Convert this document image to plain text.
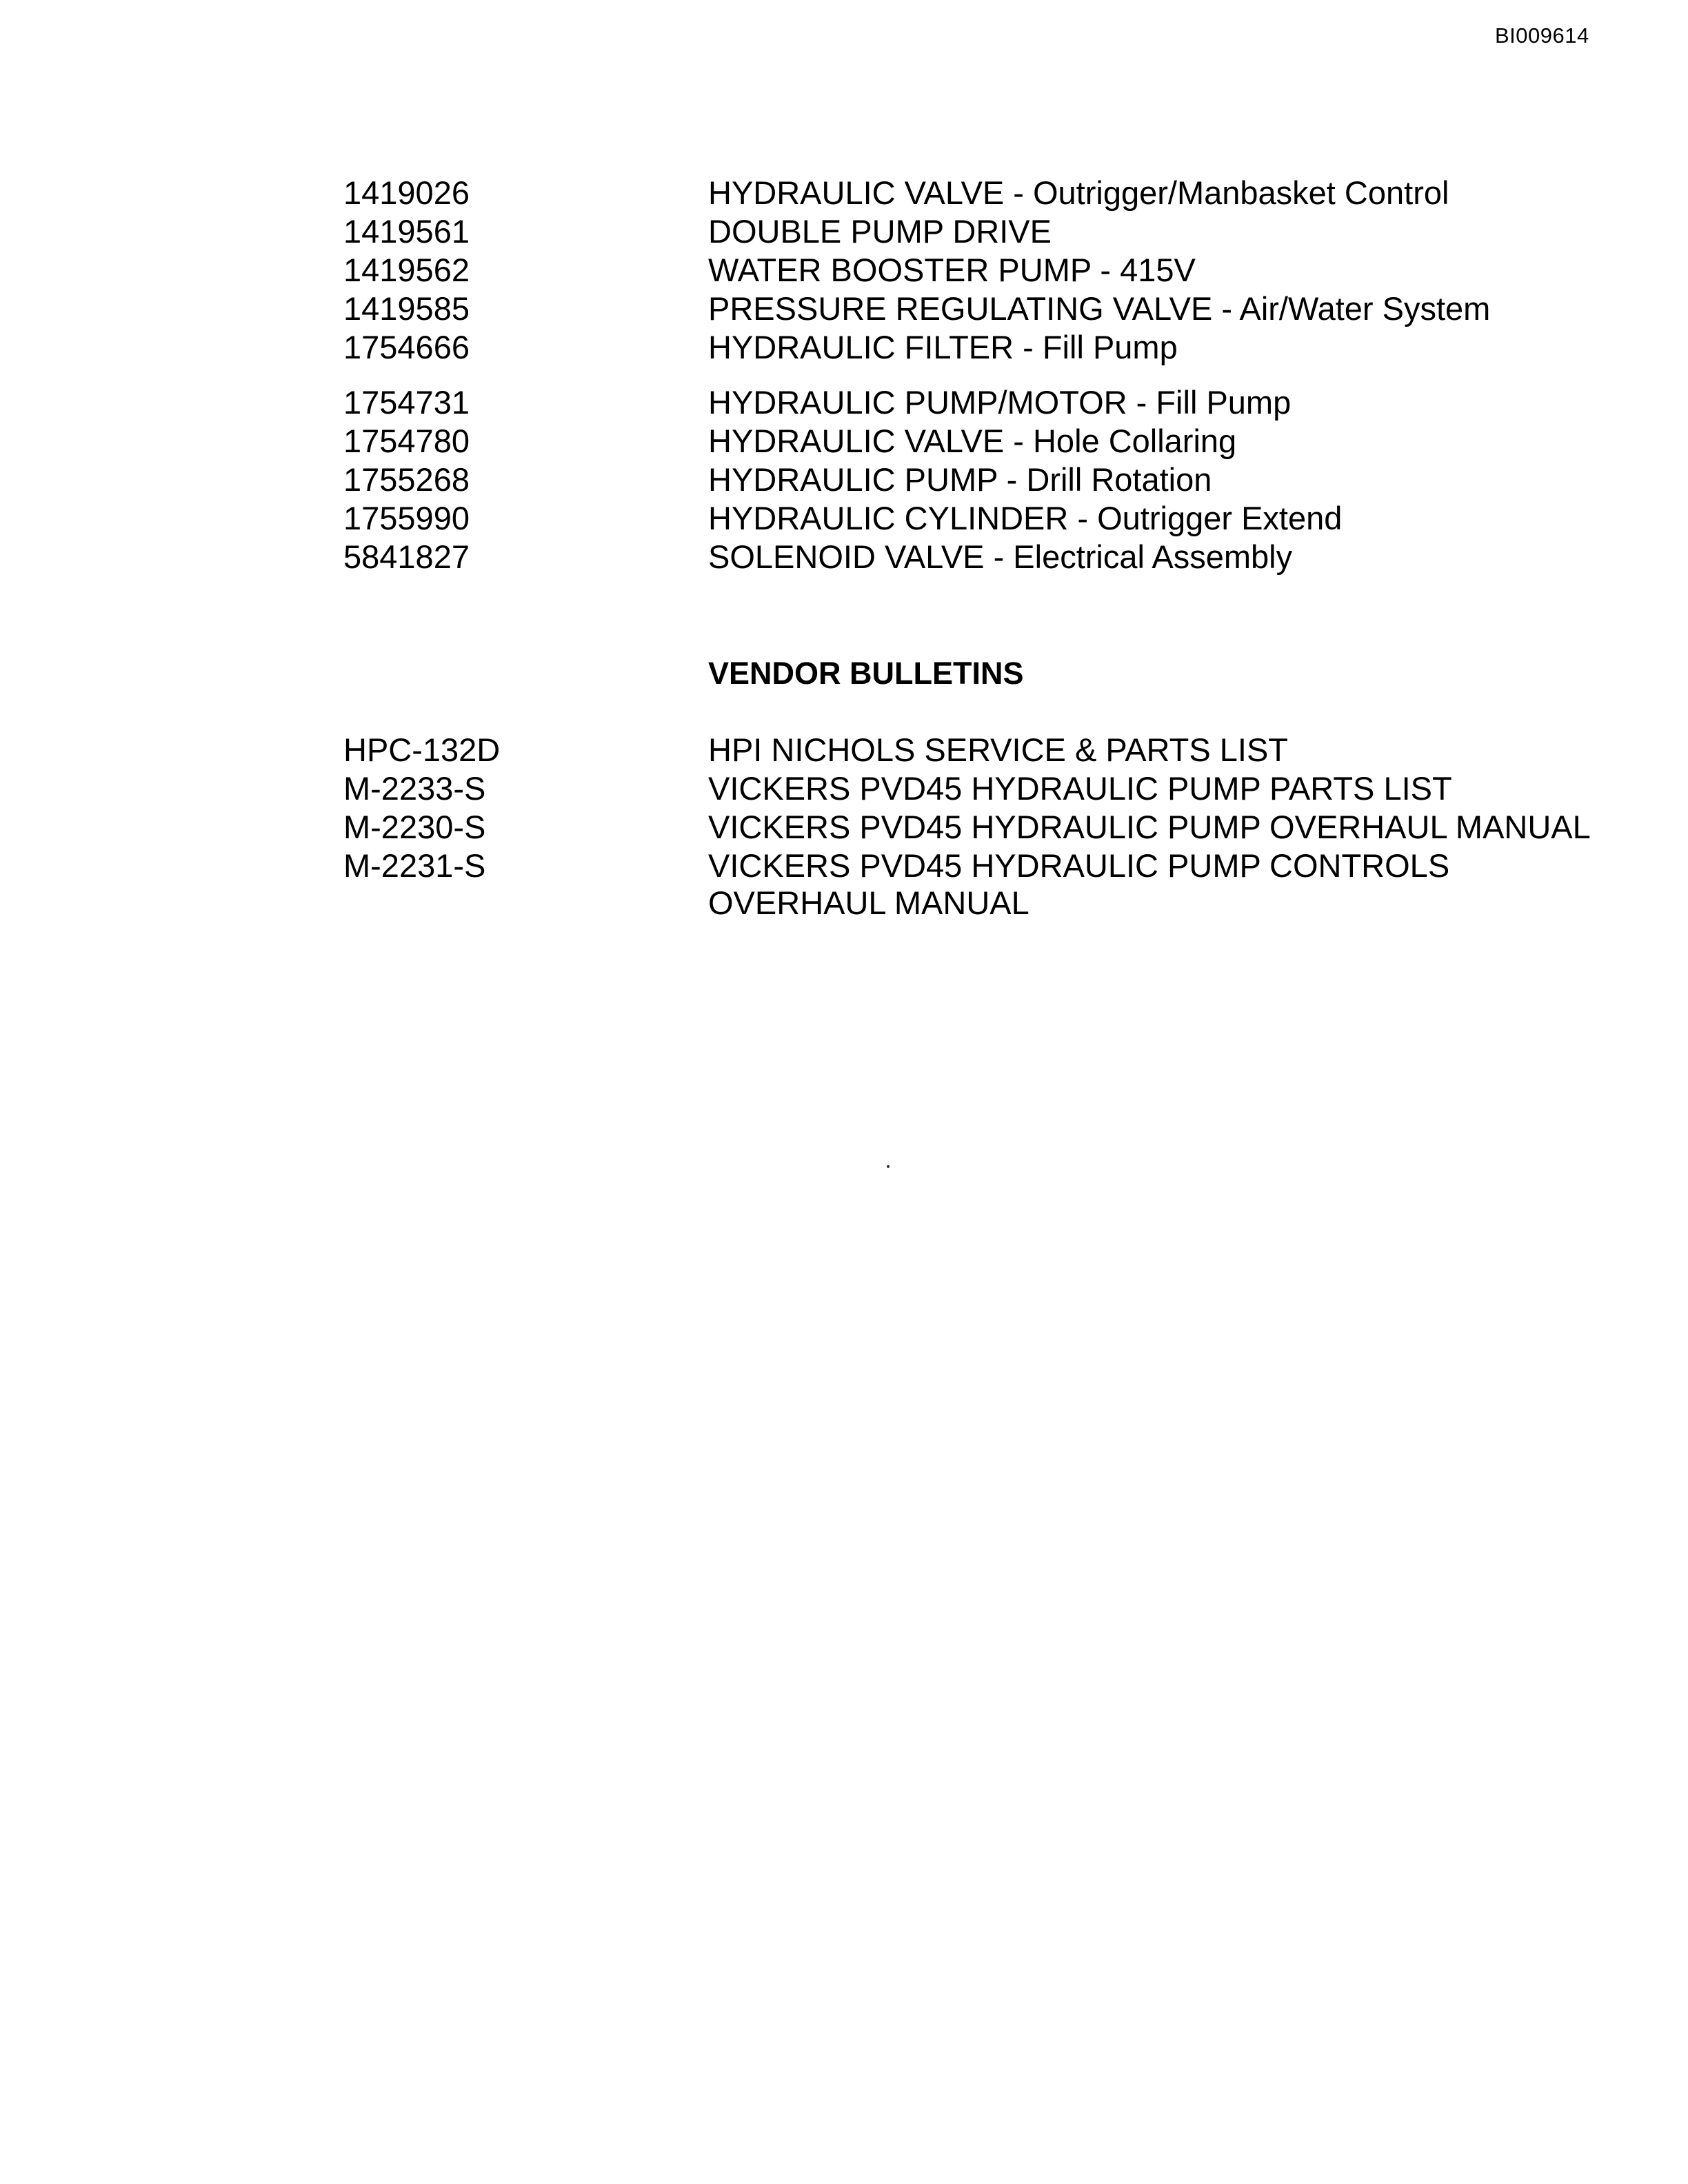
BI009614
1419026	HYDRAULIC VALVE - Outrigger/Manbasket Control
1419561	DOUBLE PUMP DRIVE
1419562	WATER BOOSTER PUMP - 415V
1419585	PRESSURE REGULATING VALVE - Air/Water System
1754666	HYDRAULIC FILTER - Fill Pump
1754731	HYDRAULIC PUMP/MOTOR - Fill Pump
1754780	HYDRAULIC VALVE - Hole Collaring
1755268	HYDRAULIC PUMP - Drill Rotation
1755990	HYDRAULIC CYLINDER - Outrigger Extend
5841827	SOLENOID VALVE - Electrical Assembly
VENDOR BULLETINS
HPC-132D	HPI NICHOLS SERVICE & PARTS LIST
M-2233-S	VICKERS PVD45 HYDRAULIC PUMP PARTS LIST
M-2230-S	VICKERS PVD45 HYDRAULIC PUMP OVERHAUL MANUAL
M-2231-S	VICKERS PVD45 HYDRAULIC PUMP CONTROLS
OVERHAUL MANUAL
